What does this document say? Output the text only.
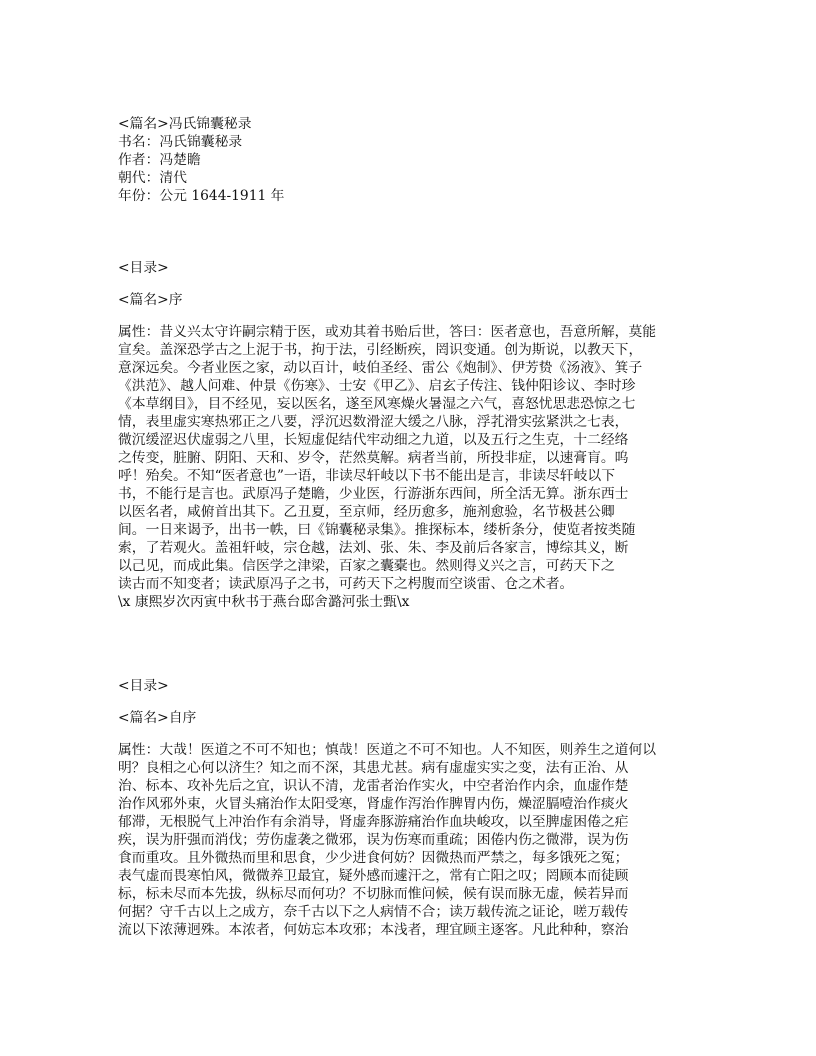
<篇名>冯氏锦囊秘录
书名：冯氏锦囊秘录
作者：冯楚瞻
朝代：清代
年份：公元 1644-1911 年
<目录>
<篇名>序
属性：昔义兴太守许嗣宗精于医，或劝其着书贻后世，答曰：医者意也，吾意所解，莫能
宣矣。盖深恐学古之上泥于书，拘于法，引经断疾，罔识变通。创为斯说，以教天下，
意深远矣。今者业医之家，动以百计，岐伯圣经、雷公《炮制》、伊芳贽《汤液》、箕子
《洪范》、越人问难、仲景《伤寒》、士安《甲乙》、启玄子传注、钱仲阳诊议、李时珍
《本草纲目》，目不经见，妄以医名，遂至风寒燥火暑湿之六气，喜怒忧思悲恐惊之七
情，表里虚实寒热邪正之八要，浮沉迟数滑涩大缓之八脉，浮芤滑实弦紧洪之七表，
微沉缓涩迟伏虚弱之八里，长短虚促结代牢动细之九道，以及五行之生克，十二经络
之传变，脏腑、阴阳、天和、岁令，茫然莫解。病者当前，所投非症，以速膏肓。呜
呼！殆矣。不知“医者意也”一语，非读尽轩岐以下书不能出是言，非读尽轩岐以下
书，不能行是言也。武原冯子楚瞻，少业医，行游浙东西间，所全活无算。浙东西士
以医名者，咸俯首出其下。乙丑夏，至京师，经历愈多，施剂愈验，名节极甚公卿
间。一日来谒予，出书一帙，曰《锦囊秘录集》。推探标本，缕析条分，使览者按类随
索，了若观火。盖祖轩岐，宗仓越，法刘、张、朱、李及前后各家言，博综其义，断
以己见，而成此集。信医学之津梁，百家之囊橐也。然则得义兴之言，可药天下之
读古而不知变者；读武原冯子之书，可药天下之枵腹而空谈雷、仓之术者。
\x 康熙岁次丙寅中秋书于燕台邸舍潞河张士甄\x
<目录>
<篇名>自序
属性：大哉！医道之不可不知也；慎哉！医道之不可不知也。人不知医，则养生之道何以
明？良相之心何以济生？知之而不深，其患尤甚。病有虚虚实实之变，法有正治、从
治、标本、攻补先后之宜，识认不清，龙雷者治作实火，中空者治作内余，血虚作楚
治作风邪外束，火冒头痛治作太阳受寒，肾虚作泻治作脾胃内伤，燥涩膈噎治作痰火
郁滞，无根脱气上冲治作有余消导，肾虚奔豚游痛治作血块峻攻，以至脾虚困倦之疟
疾，误为肝强而消伐；劳伤虚袭之微邪，误为伤寒而重疏；困倦内伤之微滞，误为伤
食而重攻。且外微热而里和思食，少少进食何妨？因微热而严禁之，每多饿死之冤；
表气虚而畏寒怕风，微微养卫最宜，疑外感而遽汗之，常有亡阳之叹；罔顾本而徒顾
标，标未尽而本先拔，纵标尽而何功？不切脉而惟问候，候有误而脉无虚，候若异而
何据？守千古以上之成方，奈千古以下之人病情不合；读万载传流之证论，嗟万载传
流以下浓薄迥殊。本浓者，何妨忘本攻邪；本浅者，理宜顾主逐客。凡此种种，察治
